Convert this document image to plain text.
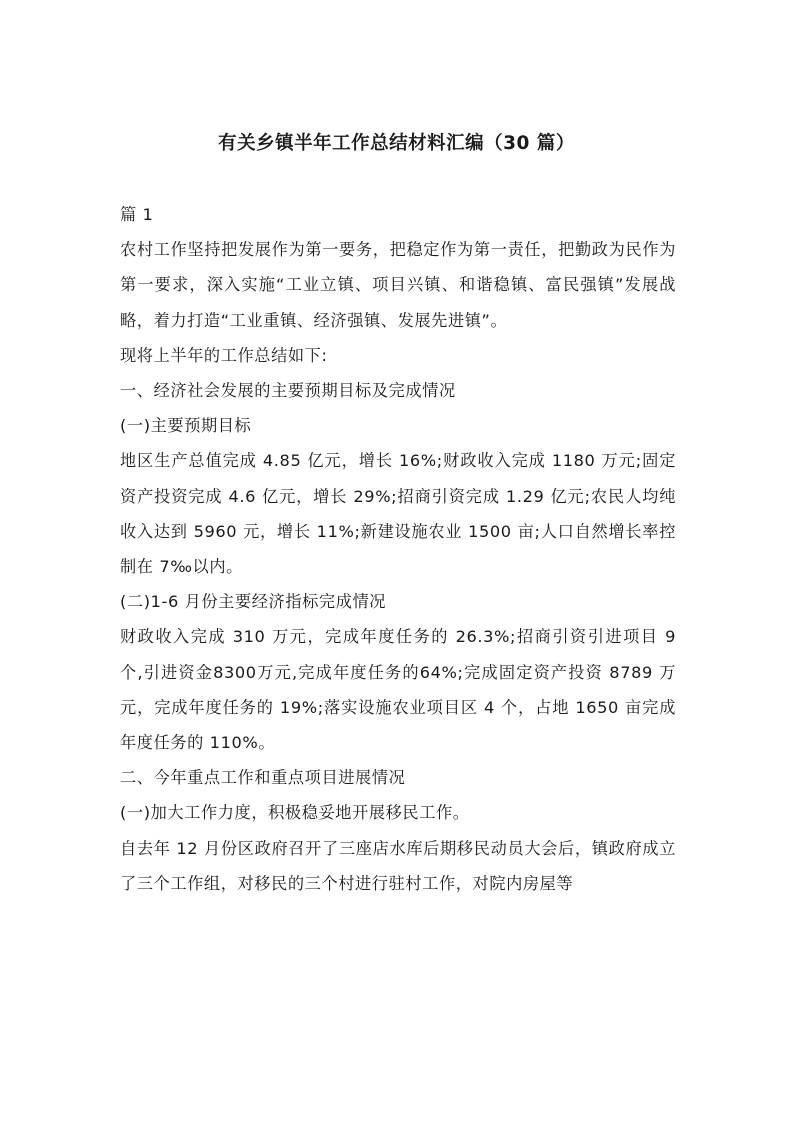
有关乡镇半年工作总结材料汇编（30 篇）

篇 1

农村工作坚持把发展作为第一要务，把稳定作为第一责任，把勤政为民作为第一要求，深入实施“工业立镇、项目兴镇、和谐稳镇、富民强镇”发展战略，着力打造“工业重镇、经济强镇、发展先进镇”。

现将上半年的工作总结如下:

一、经济社会发展的主要预期目标及完成情况

(一)主要预期目标

地区生产总值完成 4.85 亿元，增长 16%;财政收入完成 1180 万元;固定资产投资完成 4.6 亿元，增长 29%;招商引资完成 1.29 亿元;农民人均纯收入达到 5960 元，增长 11%;新建设施农业 1500 亩;人口自然增长率控制在 7‰以内。

(二)1-6 月份主要经济指标完成情况

财政收入完成 310 万元，完成年度任务的 26.3%;招商引资引进项目 9 个,引进资金8300万元,完成年度任务的64%;完成固定资产投资 8789 万元，完成年度任务的 19%;落实设施农业项目区 4 个，占地 1650 亩完成年度任务的 110%。

二、今年重点工作和重点项目进展情况

(一)加大工作力度，积极稳妥地开展移民工作。

自去年 12 月份区政府召开了三座店水库后期移民动员大会后，镇政府成立了三个工作组，对移民的三个村进行驻村工作，对院内房屋等
